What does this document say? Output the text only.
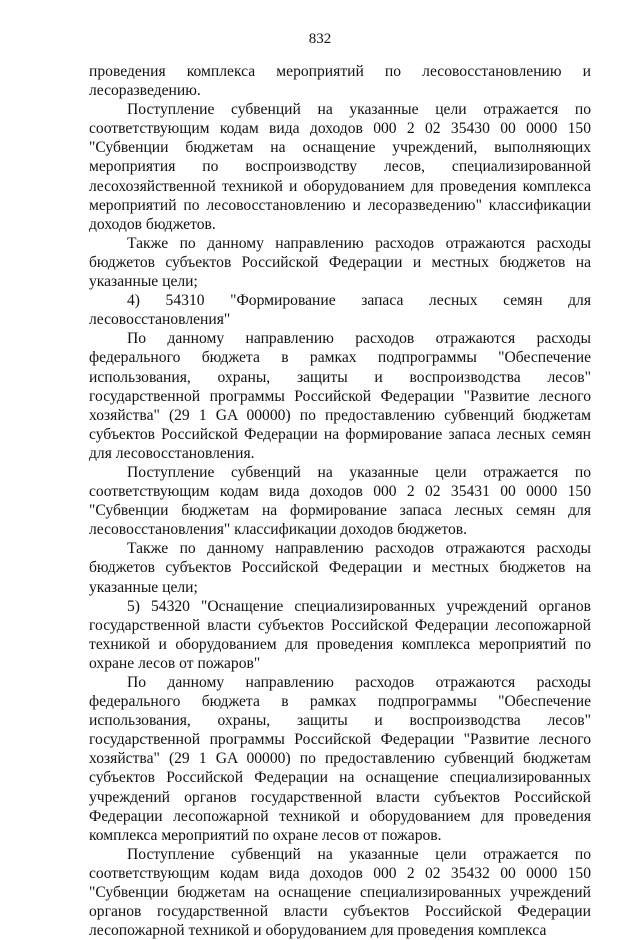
832

проведения комплекса мероприятий по лесовосстановлению и лесоразведению.

Поступление субвенций на указанные цели отражается по соответствующим кодам вида доходов 000 2 02 35430 00 0000 150 "Субвенции бюджетам на оснащение учреждений, выполняющих мероприятия по воспроизводству лесов, специализированной лесохозяйственной техникой и оборудованием для проведения комплекса мероприятий по лесовосстановлению и лесоразведению" классификации доходов бюджетов.

Также по данному направлению расходов отражаются расходы бюджетов субъектов Российской Федерации и местных бюджетов на указанные цели;

4) 54310 "Формирование запаса лесных семян для лесовосстановления"

По данному направлению расходов отражаются расходы федерального бюджета в рамках подпрограммы "Обеспечение использования, охраны, защиты и воспроизводства лесов" государственной программы Российской Федерации "Развитие лесного хозяйства" (29 1 GA 00000) по предоставлению субвенций бюджетам субъектов Российской Федерации на формирование запаса лесных семян для лесовосстановления.

Поступление субвенций на указанные цели отражается по соответствующим кодам вида доходов 000 2 02 35431 00 0000 150 "Субвенции бюджетам на формирование запаса лесных семян для лесовосстановления" классификации доходов бюджетов.

Также по данному направлению расходов отражаются расходы бюджетов субъектов Российской Федерации и местных бюджетов на указанные цели;

5) 54320 "Оснащение специализированных учреждений органов государственной власти субъектов Российской Федерации лесопожарной техникой и оборудованием для проведения комплекса мероприятий по охране лесов от пожаров"

По данному направлению расходов отражаются расходы федерального бюджета в рамках подпрограммы "Обеспечение использования, охраны, защиты и воспроизводства лесов" государственной программы Российской Федерации "Развитие лесного хозяйства" (29 1 GA 00000) по предоставлению субвенций бюджетам субъектов Российской Федерации на оснащение специализированных учреждений органов государственной власти субъектов Российской Федерации лесопожарной техникой и оборудованием для проведения комплекса мероприятий по охране лесов от пожаров.

Поступление субвенций на указанные цели отражается по соответствующим кодам вида доходов 000 2 02 35432 00 0000 150 "Субвенции бюджетам на оснащение специализированных учреждений органов государственной власти субъектов Российской Федерации лесопожарной техникой и оборудованием для проведения комплекса
